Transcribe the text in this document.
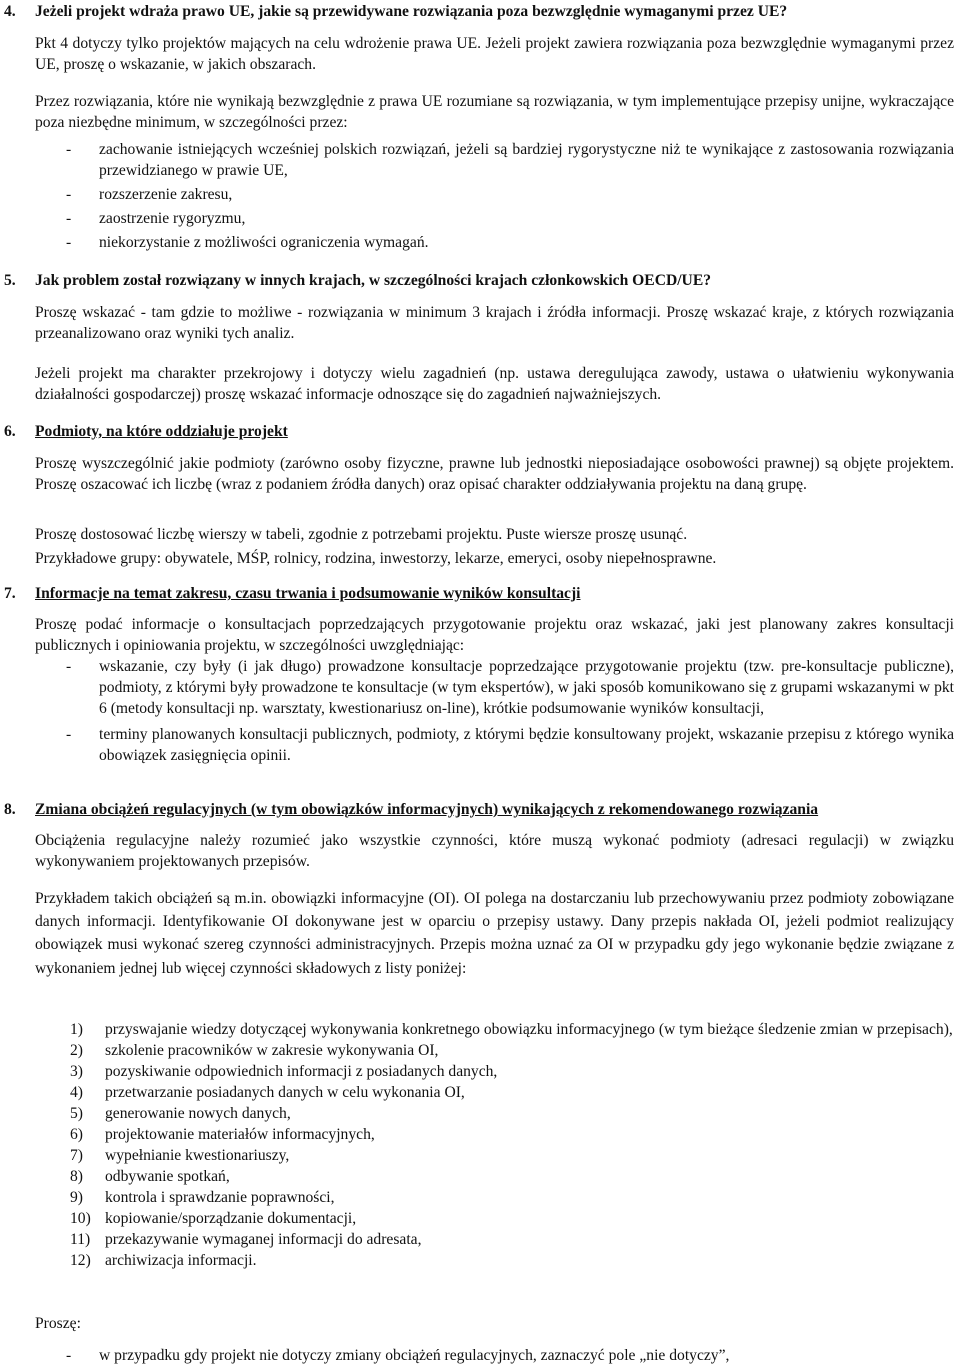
4. Jeżeli projekt wdraża prawo UE, jakie są przewidywane rozwiązania poza bezwzględnie wymaganymi przez UE?

Pkt 4 dotyczy tylko projektów mających na celu wdrożenie prawa UE. Jeżeli projekt zawiera rozwiązania poza bezwzględnie wymaganymi przez UE, proszę o wskazanie, w jakich obszarach.

Przez rozwiązania, które nie wynikają bezwzględnie z prawa UE rozumiane są rozwiązania, w tym implementujące przepisy unijne, wykraczające poza niezbędne minimum, w szczególności przez:

- zachowanie istniejących wcześniej polskich rozwiązań, jeżeli są bardziej rygorystyczne niż te wynikające z zastosowania rozwiązania przewidzianego w prawie UE,
- rozszerzenie zakresu,
- zaostrzenie rygoryzmu,
- niekorzystanie z możliwości ograniczenia wymagań.
5. Jak problem został rozwiązany w innych krajach, w szczególności krajach członkowskich OECD/UE?

Proszę wskazać - tam gdzie to możliwe - rozwiązania w minimum 3 krajach i źródła informacji. Proszę wskazać kraje, z których rozwiązania przeanalizowano oraz wyniki tych analiz.

Jeżeli projekt ma charakter przekrojowy i dotyczy wielu zagadnień (np. ustawa deregulująca zawody, ustawa o ułatwieniu wykonywania działalności gospodarczej) proszę wskazać informacje odnoszące się do zagadnień najważniejszych.

6. Podmioty, na które oddziałuje projekt

Proszę wyszczególnić jakie podmioty (zarówno osoby fizyczne, prawne lub jednostki nieposiadające osobowości prawnej) są objęte projektem. Proszę oszacować ich liczbę (wraz z podaniem źródła danych) oraz opisać charakter oddziaływania projektu na daną grupę.

Proszę dostosować liczbę wierszy w tabeli, zgodnie z potrzebami projektu. Puste wiersze proszę usunąć.

Przykładowe grupy: obywatele, MŚP, rolnicy, rodzina, inwestorzy, lekarze, emeryci, osoby niepełnosprawne.

7. Informacje na temat zakresu, czasu trwania i podsumowanie wyników konsultacji

Proszę podać informacje o konsultacjach poprzedzających przygotowanie projektu oraz wskazać, jaki jest planowany zakres konsultacji publicznych i opiniowania projektu, w szczególności uwzględniając:

- wskazanie, czy były (i jak długo) prowadzone konsultacje poprzedzające przygotowanie projektu (tzw. pre-konsultacje publiczne), podmioty, z którymi były prowadzone te konsultacje (w tym ekspertów), w jaki sposób komunikowano się z grupami wskazanymi w pkt 6 (metody konsultacji np. warsztaty, kwestionariusz on-line), krótkie podsumowanie wyników konsultacji,
- terminy planowanych konsultacji publicznych, podmioty, z którymi będzie konsultowany projekt, wskazanie przepisu z którego wynika obowiązek zasięgnięcia opinii.
8. Zmiana obciążeń regulacyjnych (w tym obowiązków informacyjnych) wynikających z rekomendowanego rozwiązania

Obciążenia regulacyjne należy rozumieć jako wszystkie czynności, które muszą wykonać podmioty (adresaci regulacji) w związku wykonywaniem projektowanych przepisów.

Przykładem takich obciążeń są m.in. obowiązki informacyjne (OI). OI polega na dostarczaniu lub przechowywaniu przez podmioty zobowiązane danych informacji. Identyfikowanie OI dokonywane jest w oparciu o przepisy ustawy. Dany przepis nakłada OI, jeżeli podmiot realizujący obowiązek musi wykonać szereg czynności administracyjnych. Przepis można uznać za OI w przypadku gdy jego wykonanie będzie związane z wykonaniem jednej lub więcej czynności składowych z listy poniżej:

1) przyswajanie wiedzy dotyczącej wykonywania konkretnego obowiązku informacyjnego (w tym bieżące śledzenie zmian w przepisach),
2) szkolenie pracowników w zakresie wykonywania OI,
3) pozyskiwanie odpowiednich informacji z posiadanych danych,
4) przetwarzanie posiadanych danych w celu wykonania OI,
5) generowanie nowych danych,
6) projektowanie materiałów informacyjnych,
7) wypełnianie kwestionariuszy,
8) odbywanie spotkań,
9) kontrola i sprawdzanie poprawności,
10) kopiowanie/sporządzanie dokumentacji,
11) przekazywanie wymaganej informacji do adresata,
12) archiwizacja informacji.

Proszę:

- w przypadku gdy projekt nie dotyczy zmiany obciążeń regulacyjnych, zaznaczyć pole „nie dotyczy”,
